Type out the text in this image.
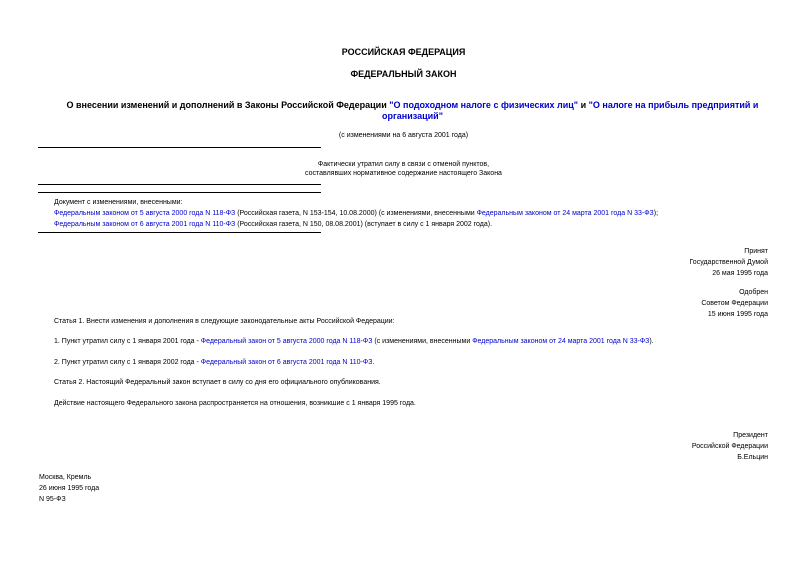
РОССИЙСКАЯ ФЕДЕРАЦИЯ
ФЕДЕРАЛЬНЫЙ ЗАКОН
О внесении изменений и дополнений в Законы Российской Федерации "О подоходном налоге с физических лиц" и "О налоге на прибыль предприятий и организаций"
(с изменениями на 6 августа 2001 года)

Фактически утратил силу в связи с отменой пунктов,

составлявших нормативное содержание настоящего Закона

Документ с изменениями, внесенными:

Федеральным законом от 5 августа 2000 года N 118-ФЗ (Российская газета, N 153-154, 10.08.2000) (с изменениями, внесенными Федеральным законом от 24 марта 2001 года N 33-ФЗ);

Федеральным законом от 6 августа 2001 года N 110-ФЗ (Российская газета, N 150, 08.08.2001) (вступает в силу с 1 января 2002 года).

Принят

Государственной Думой

26 мая 1995 года

Одобрен

Советом Федерации

15 июня 1995 года

Статья 1. Внести изменения и дополнения в следующие законодательные акты Российской Федерации:
1. Пункт утратил силу с 1 января 2001 года - Федеральный закон от 5 августа 2000 года N 118-ФЗ (с изменениями, внесенными Федеральным законом от 24 марта 2001 года N 33-ФЗ).
2. Пункт утратил силу с 1 января 2002 года - Федеральный закон от 6 августа 2001 года N 110-ФЗ.
Статья 2. Настоящий Федеральный закон вступает в силу со дня его официального опубликования.
Действие настоящего Федерального закона распространяется на отношения, возникшие с 1 января 1995 года.

Президент

Российской Федерации

Б.Ельцин

Москва, Кремль

26 июня 1995 года

N 95-ФЗ
